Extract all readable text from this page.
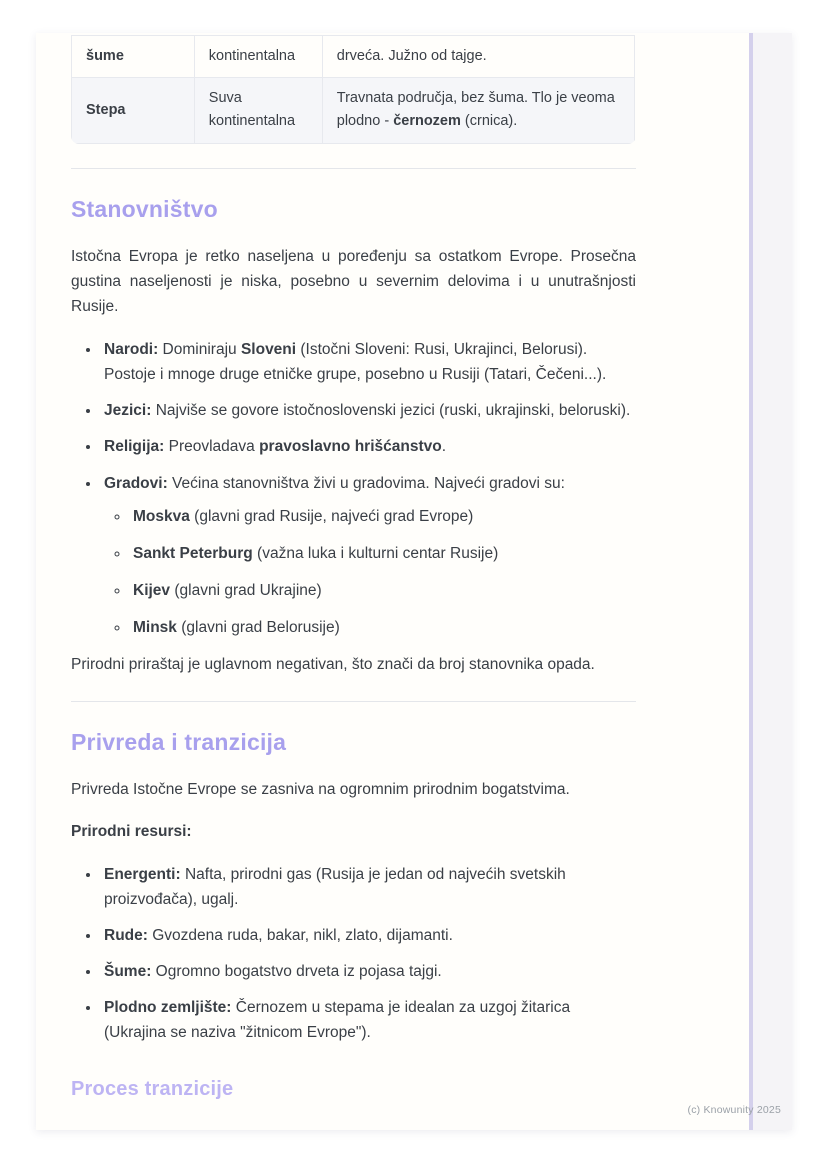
šume	kontinentalna	drveća. Južno od tajge.
Stepa	Suva kontinentalna	Travnata područja, bez šuma. Tlo je veoma plodno - černozem (crnica).
Stanovništvo

Istočna Evropa je retko naseljena u poređenju sa ostatkom Evrope. Prosečna gustina naseljenosti je niska, posebno u severnim delovima i u unutrašnjosti Rusije.

• Narodi: Dominiraju Sloveni (Istočni Sloveni: Rusi, Ukrajinci, Belorusi). Postoje i mnoge druge etničke grupe, posebno u Rusiji (Tatari, Čečeni...).
• Jezici: Najviše se govore istočnoslovenski jezici (ruski, ukrajinski, beloruski).
• Religija: Preovladava pravoslavno hrišćanstvo.
• Gradovi: Većina stanovništva živi u gradovima. Najveći gradovi su:
◦ Moskva (glavni grad Rusije, najveći grad Evrope)
◦ Sankt Peterburg (važna luka i kulturni centar Rusije)
◦ Kijev (glavni grad Ukrajine)
◦ Minsk (glavni grad Belorusije)

Prirodni priraštaj je uglavnom negativan, što znači da broj stanovnika opada.

Privreda i tranzicija

Privreda Istočne Evrope se zasniva na ogromnim prirodnim bogatstvima.

Prirodni resursi:

• Energenti: Nafta, prirodni gas (Rusija je jedan od najvećih svetskih proizvođača), ugalj.
• Rude: Gvozdena ruda, bakar, nikl, zlato, dijamanti.
• Šume: Ogromno bogatstvo drveta iz pojasa tajgi.
• Plodno zemljište: Černozem u stepama je idealan za uzgoj žitarica (Ukrajina se naziva "žitnicom Evrope").
Proces tranzicije
(c) Knowunity 2025
